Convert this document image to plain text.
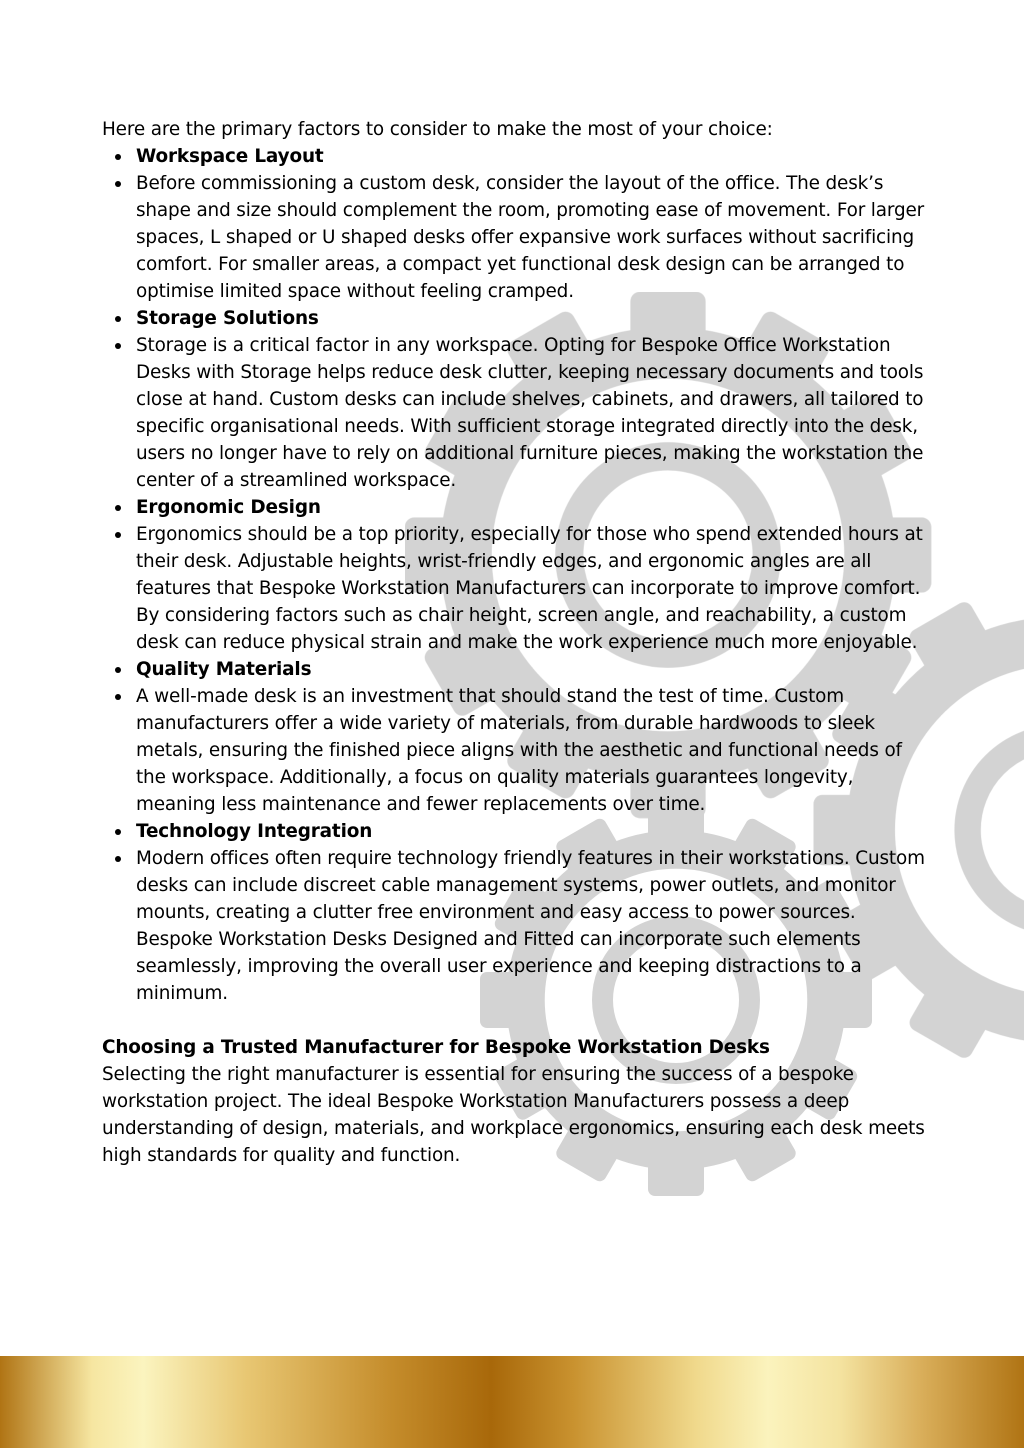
Here are the primary factors to consider to make the most of your choice:

Workspace Layout
Before commissioning a custom desk, consider the layout of the office. The desk’s shape and size should complement the room, promoting ease of movement. For larger spaces, L shaped or U shaped desks offer expansive work surfaces without sacrificing comfort. For smaller areas, a compact yet functional desk design can be arranged to optimise limited space without feeling cramped.
Storage Solutions
Storage is a critical factor in any workspace. Opting for Bespoke Office Workstation Desks with Storage helps reduce desk clutter, keeping necessary documents and tools close at hand. Custom desks can include shelves, cabinets, and drawers, all tailored to specific organisational needs. With sufficient storage integrated directly into the desk, users no longer have to rely on additional furniture pieces, making the workstation the center of a streamlined workspace.
Ergonomic Design
Ergonomics should be a top priority, especially for those who spend extended hours at their desk. Adjustable heights, wrist-friendly edges, and ergonomic angles are all features that Bespoke Workstation Manufacturers can incorporate to improve comfort. By considering factors such as chair height, screen angle, and reachability, a custom desk can reduce physical strain and make the work experience much more enjoyable.
Quality Materials
A well-made desk is an investment that should stand the test of time. Custom manufacturers offer a wide variety of materials, from durable hardwoods to sleek metals, ensuring the finished piece aligns with the aesthetic and functional needs of the workspace. Additionally, a focus on quality materials guarantees longevity, meaning less maintenance and fewer replacements over time.
Technology Integration
Modern offices often require technology friendly features in their workstations. Custom desks can include discreet cable management systems, power outlets, and monitor mounts, creating a clutter free environment and easy access to power sources. Bespoke Workstation Desks Designed and Fitted can incorporate such elements seamlessly, improving the overall user experience and keeping distractions to a minimum.

Choosing a Trusted Manufacturer for Bespoke Workstation Desks

Selecting the right manufacturer is essential for ensuring the success of a bespoke workstation project. The ideal Bespoke Workstation Manufacturers possess a deep understanding of design, materials, and workplace ergonomics, ensuring each desk meets high standards for quality and function.
